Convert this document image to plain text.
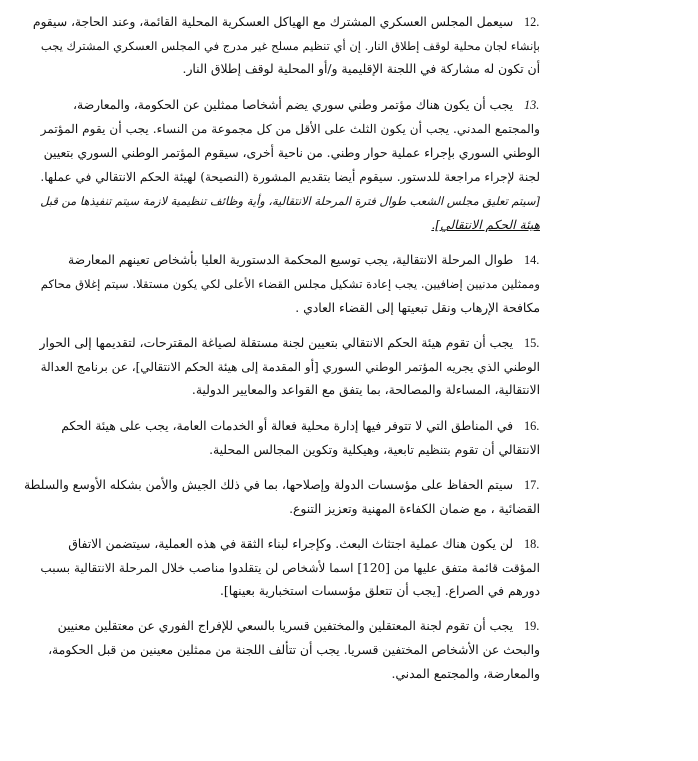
12.
سيعمل المجلس العسكري المشترك مع الهياكل العسكرية المحلية القائمة، وعند الحاجة، سيقوم
بإنشاء لجان محلية لوقف إطلاق النار. إن أي تنظيم مسلح غير مدرج في المجلس العسكري المشترك يجب
أن تكون له مشاركة في اللجنة الإقليمية و/أو المحلية لوقف إطلاق النار.
13.
يجب أن يكون هناك مؤتمر وطني سوري يضم أشخاصا ممثلين عن الحكومة، والمعارضة،
والمجتمع المدني. يجب أن يكون الثلث على الأقل من كل مجموعة من النساء. يجب أن يقوم المؤتمر
الوطني السوري بإجراء عملية حوار وطني. من ناحية أخرى، سيقوم المؤتمر الوطني السوري بتعيين
لجنة لإجراء مراجعة للدستور. سيقوم أيضا بتقديم المشورة (النصيحة) لهيئة الحكم الانتقالي في عملها.
[سيتم تعليق مجلس الشعب طوال فترة المرحلة الانتقالية، وأية وظائف تنظيمية لازمة سيتم تنفيذها من قبل
هيئة الحكم الانتقالي].
14.
طوال المرحلة الانتقالية، يجب توسيع المحكمة الدستورية العليا بأشخاص تعينهم المعارضة
وممثلين مدنيين إضافيين. يجب إعادة تشكيل مجلس القضاء الأعلى لكي يكون مستقلا. سيتم إغلاق محاكم
مكافحة الإرهاب ونقل تبعيتها إلى القضاء العادي .
15.
يجب أن تقوم هيئة الحكم الانتقالي بتعيين لجنة مستقلة لصياغة المقترحات، لتقديمها إلى الحوار
الوطني الذي يجريه المؤتمر الوطني السوري [أو المقدمة إلى هيئة الحكم الانتقالي]، عن برنامج العدالة
الانتقالية، المساءلة والمصالحة، بما يتفق مع القواعد والمعايير الدولية.
16.
في المناطق التي لا تتوفر فيها إدارة محلية فعالة أو الخدمات العامة، يجب على هيئة الحكم
الانتقالي أن تقوم بتنظيم تابعية، وهيكلية وتكوين المجالس المحلية.
17.
سيتم الحفاظ على مؤسسات الدولة وإصلاحها، بما في ذلك الجيش والأمن بشكله الأوسع والسلطة
القضائية ، مع ضمان الكفاءة المهنية وتعزيز التنوع.
18.
لن يكون هناك عملية اجتثاث البعث. وكإجراء لبناء الثقة في هذه العملية، سيتضمن الاتفاق
المؤقت قائمة متفق عليها من [120] اسما لأشخاص لن يتقلدوا مناصب خلال المرحلة الانتقالية بسبب
دورهم في الصراع. [يجب أن تتعلق مؤسسات استخبارية بعينها].
19.
يجب أن تقوم لجنة المعتقلين والمختفين قسريا بالسعي للإفراج الفوري عن معتقلين معنيين
والبحث عن الأشخاص المختفين قسريا. يجب أن تتألف اللجنة من ممثلين معينين من قبل الحكومة،
والمعارضة، والمجتمع المدني.
